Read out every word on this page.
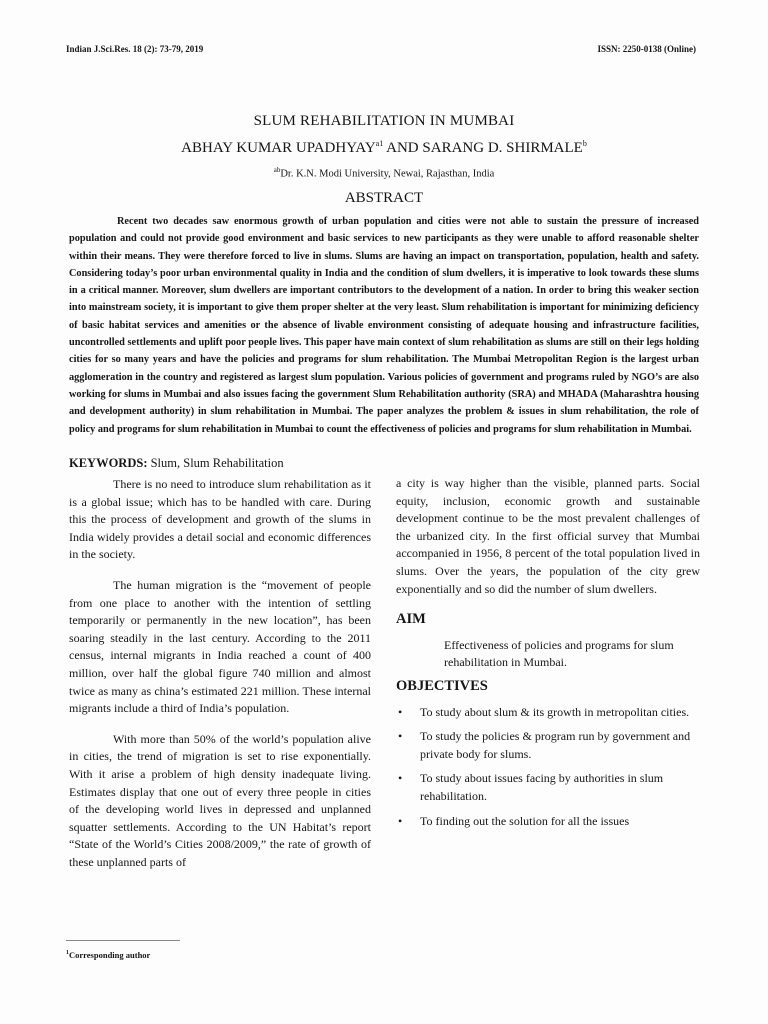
Indian J.Sci.Res. 18 (2): 73-79, 2019	ISSN: 2250-0138 (Online)
SLUM REHABILITATION IN MUMBAI
ABHAY KUMAR $UPADHYAY^{a1}$ AND SARANG D. SHIRMALE$^b$
$^{ab}$Dr. K.N. Modi University, Newai, Rajasthan, India
ABSTRACT

Recent two decades saw enormous growth of urban population and cities were not able to sustain the pressure of increased population and could not provide good environment and basic services to new participants as they were unable to afford reasonable shelter within their means. They were therefore forced to live in slums. Slums are having an impact on transportation, population, health and safety. Considering today’s poor urban environmental quality in India and the condition of slum dwellers, it is imperative to look towards these slums in a critical manner. Moreover, slum dwellers are important contributors to the development of a nation. In order to bring this weaker section into mainstream society, it is important to give them proper shelter at the very least. Slum rehabilitation is important for minimizing deficiency of basic habitat services and amenities or the absence of livable environment consisting of adequate housing and infrastructure facilities, uncontrolled settlements and uplift poor people lives. This paper have main context of slum rehabilitation as slums are still on their legs holding cities for so many years and have the policies and programs for slum rehabilitation. The Mumbai Metropolitan Region is the largest urban agglomeration in the country and registered as largest slum population. Various policies of government and programs ruled by NGO’s are also working for slums in Mumbai and also issues facing the government Slum Rehabilitation authority (SRA) and MHADA (Maharashtra housing and development authority) in slum rehabilitation in Mumbai. The paper analyzes the problem & issues in slum rehabilitation, the role of policy and programs for slum rehabilitation in Mumbai to count the effectiveness of policies and programs for slum rehabilitation in Mumbai.

KEYWORDS: Slum, Slum Rehabilitation

There is no need to introduce slum rehabilitation as it is a global issue; which has to be handled with care. During this the process of development and growth of the slums in India widely provides a detail social and economic differences in the society.

The human migration is the “movement of people from one place to another with the intention of settling temporarily or permanently in the new location”, has been soaring steadily in the last century. According to the 2011 census, internal migrants in India reached a count of 400 million, over half the global figure 740 million and almost twice as many as china’s estimated 221 million. These internal migrants include a third of India’s population.

With more than 50% of the world’s population alive in cities, the trend of migration is set to rise exponentially. With it arise a problem of high density inadequate living. Estimates display that one out of every three people in cities of the developing world lives in depressed and unplanned squatter settlements. According to the UN Habitat’s report “State of the World’s Cities 2008/2009,” the rate of growth of these unplanned parts of

a city is way higher than the visible, planned parts. Social equity, inclusion, economic growth and sustainable development continue to be the most prevalent challenges of the urbanized city. In the first official survey that Mumbai accompanied in 1956, 8 percent of the total population lived in slums. Over the years, the population of the city grew exponentially and so did the number of slum dwellers.

AIM

Effectiveness of policies and programs for slum
rehabilitation in Mumbai.

OBJECTIVES
• To study about slum & its growth in metropolitan cities.
• To study the policies & program run by government and private body for slums.
• To study about issues facing by authorities in slum rehabilitation.
• To finding out the solution for all the issues
$^1$Corresponding author
